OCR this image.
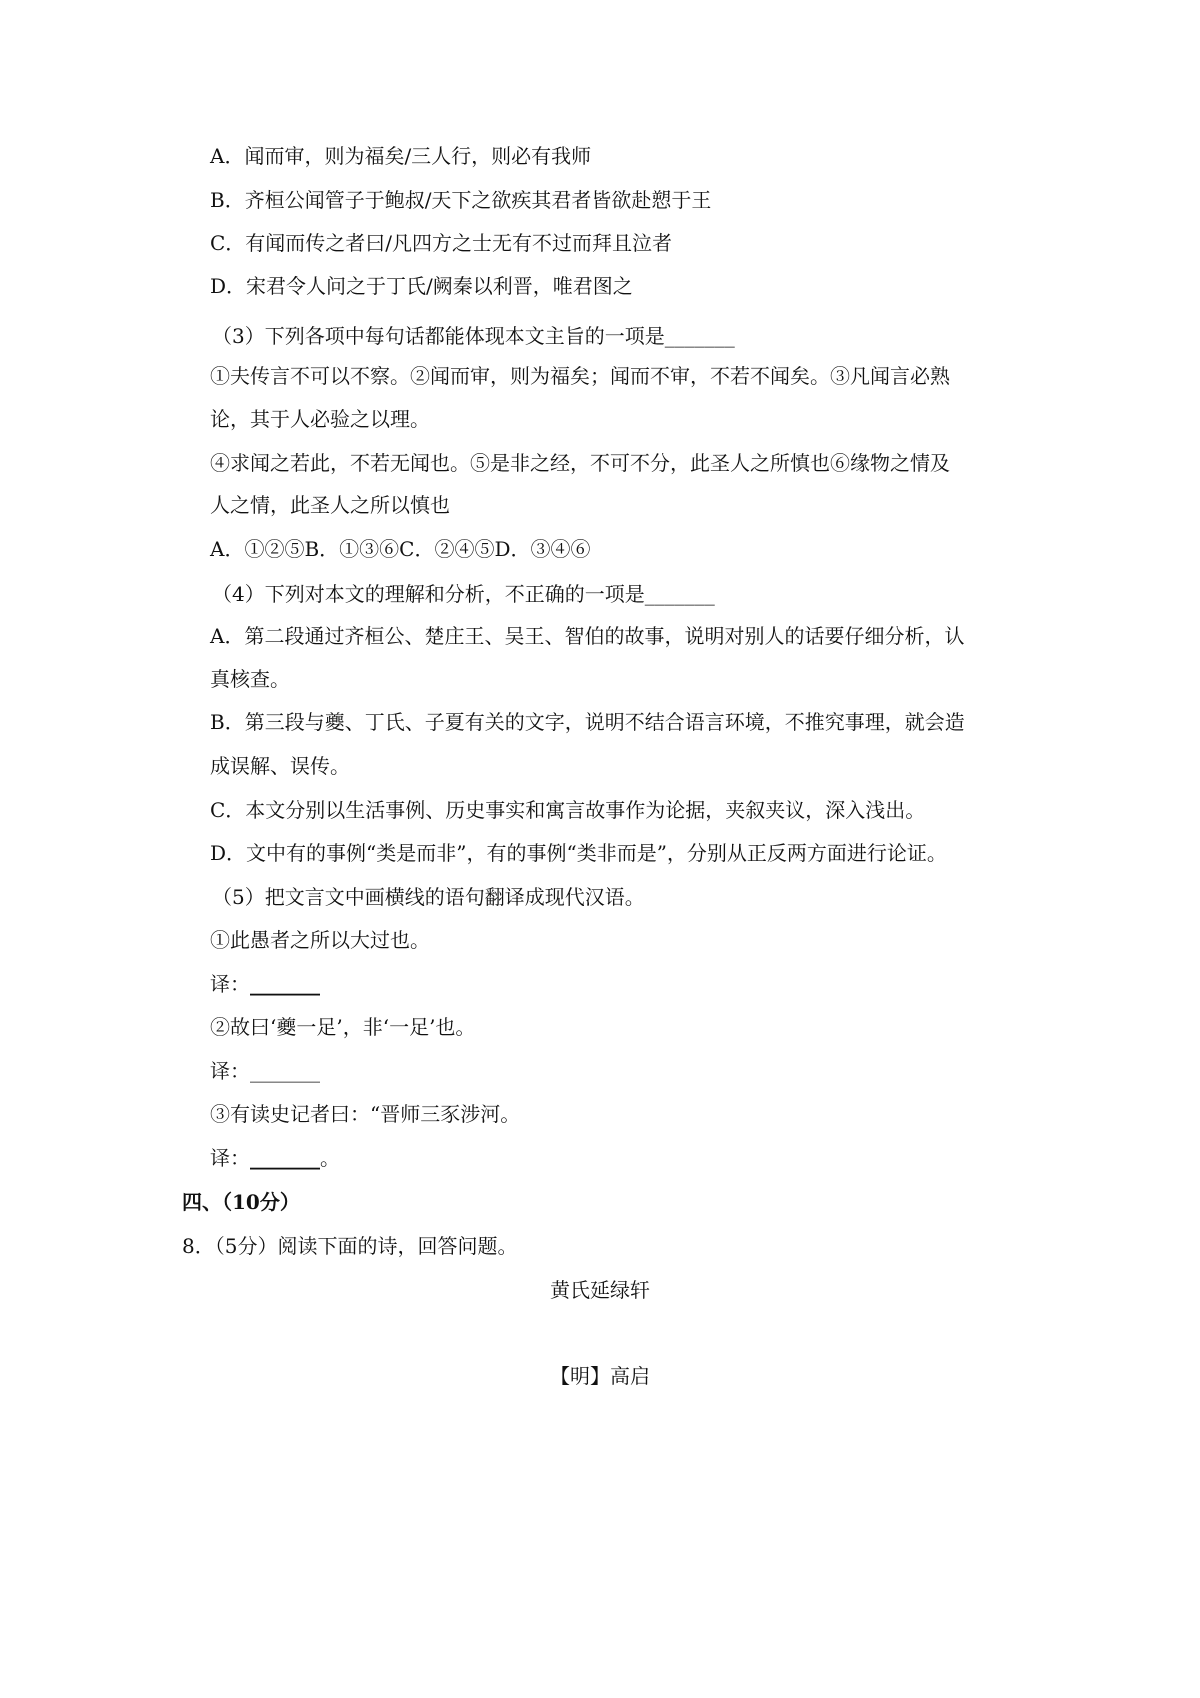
A．闻而审，则为福矣/三人行，则必有我师
B．齐桓公闻管子于鲍叔/天下之欲疾其君者皆欲赴愬于王
C．有闻而传之者曰/凡四方之士无有不过而拜且泣者
D．宋君令人问之于丁氏/阙秦以利晋，唯君图之
（3）下列各项中每句话都能体现本文主旨的一项是_______
①夫传言不可以不察。②闻而审，则为福矣；闻而不审，不若不闻矣。③凡闻言必熟
论，其于人必验之以理。
④求闻之若此，不若无闻也。⑤是非之经，不可不分，此圣人之所慎也⑥缘物之情及
人之情，此圣人之所以慎也
A．①②⑤B．①③⑥C．②④⑤D．③④⑥
（4）下列对本文的理解和分析，不正确的一项是_______
A．第二段通过齐桓公、楚庄王、吴王、智伯的故事，说明对别人的话要仔细分析，认
真核查。
B．第三段与夔、丁氏、子夏有关的文字，说明不结合语言环境，不推究事理，就会造
成误解、误传。
C．本文分别以生活事例、历史事实和寓言故事作为论据，夹叙夹议，深入浅出。
D．文中有的事例“类是而非”，有的事例“类非而是”，分别从正反两方面进行论证。
（5）把文言文中画横线的语句翻译成现代汉语。
①此愚者之所以大过也。
译：_______
②故曰‘夔一足’，非‘一足’也。
译：_______
③有读史记者曰：“晋师三豕涉河。
译：_______。
四、（10分）
8．（5分）阅读下面的诗，回答问题。
黄氏延绿轩
【明】高启
